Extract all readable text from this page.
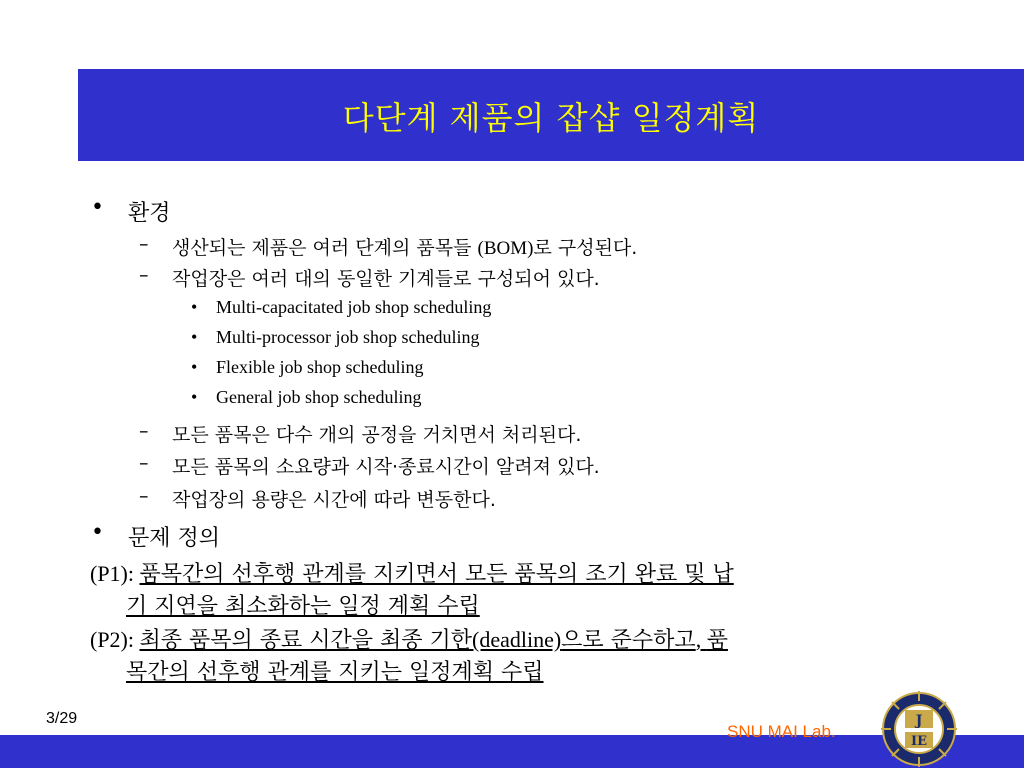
다단계 제품의 잡샵 일정계획
• 환경
– 생산되는 제품은 여러 단계의 품목들 (BOM)로 구성된다.
– 작업장은 여러 대의 동일한 기계들로 구성되어 있다.
• Multi-capacitated job shop scheduling
• Multi-processor job shop scheduling
• Flexible job shop scheduling
• General job shop scheduling
– 모든 품목은 다수 개의 공정을 거치면서 처리된다.
– 모든 품목의 소요량과 시작·종료시간이 알려져 있다.
– 작업장의 용량은 시간에 따라 변동한다.
• 문제 정의
(P1): 품목간의 선후행 관계를 지키면서 모든 품목의 조기 완료 및 납
기 지연을 최소화하는 일정 계획 수립
(P2): 최종 품목의 종료 시간을 최종 기한(deadline)으로 준수하고, 품
목간의 선후행 관계를 지키는 일정계획 수립
3/29
SNU MAI Lab.
J
IE
